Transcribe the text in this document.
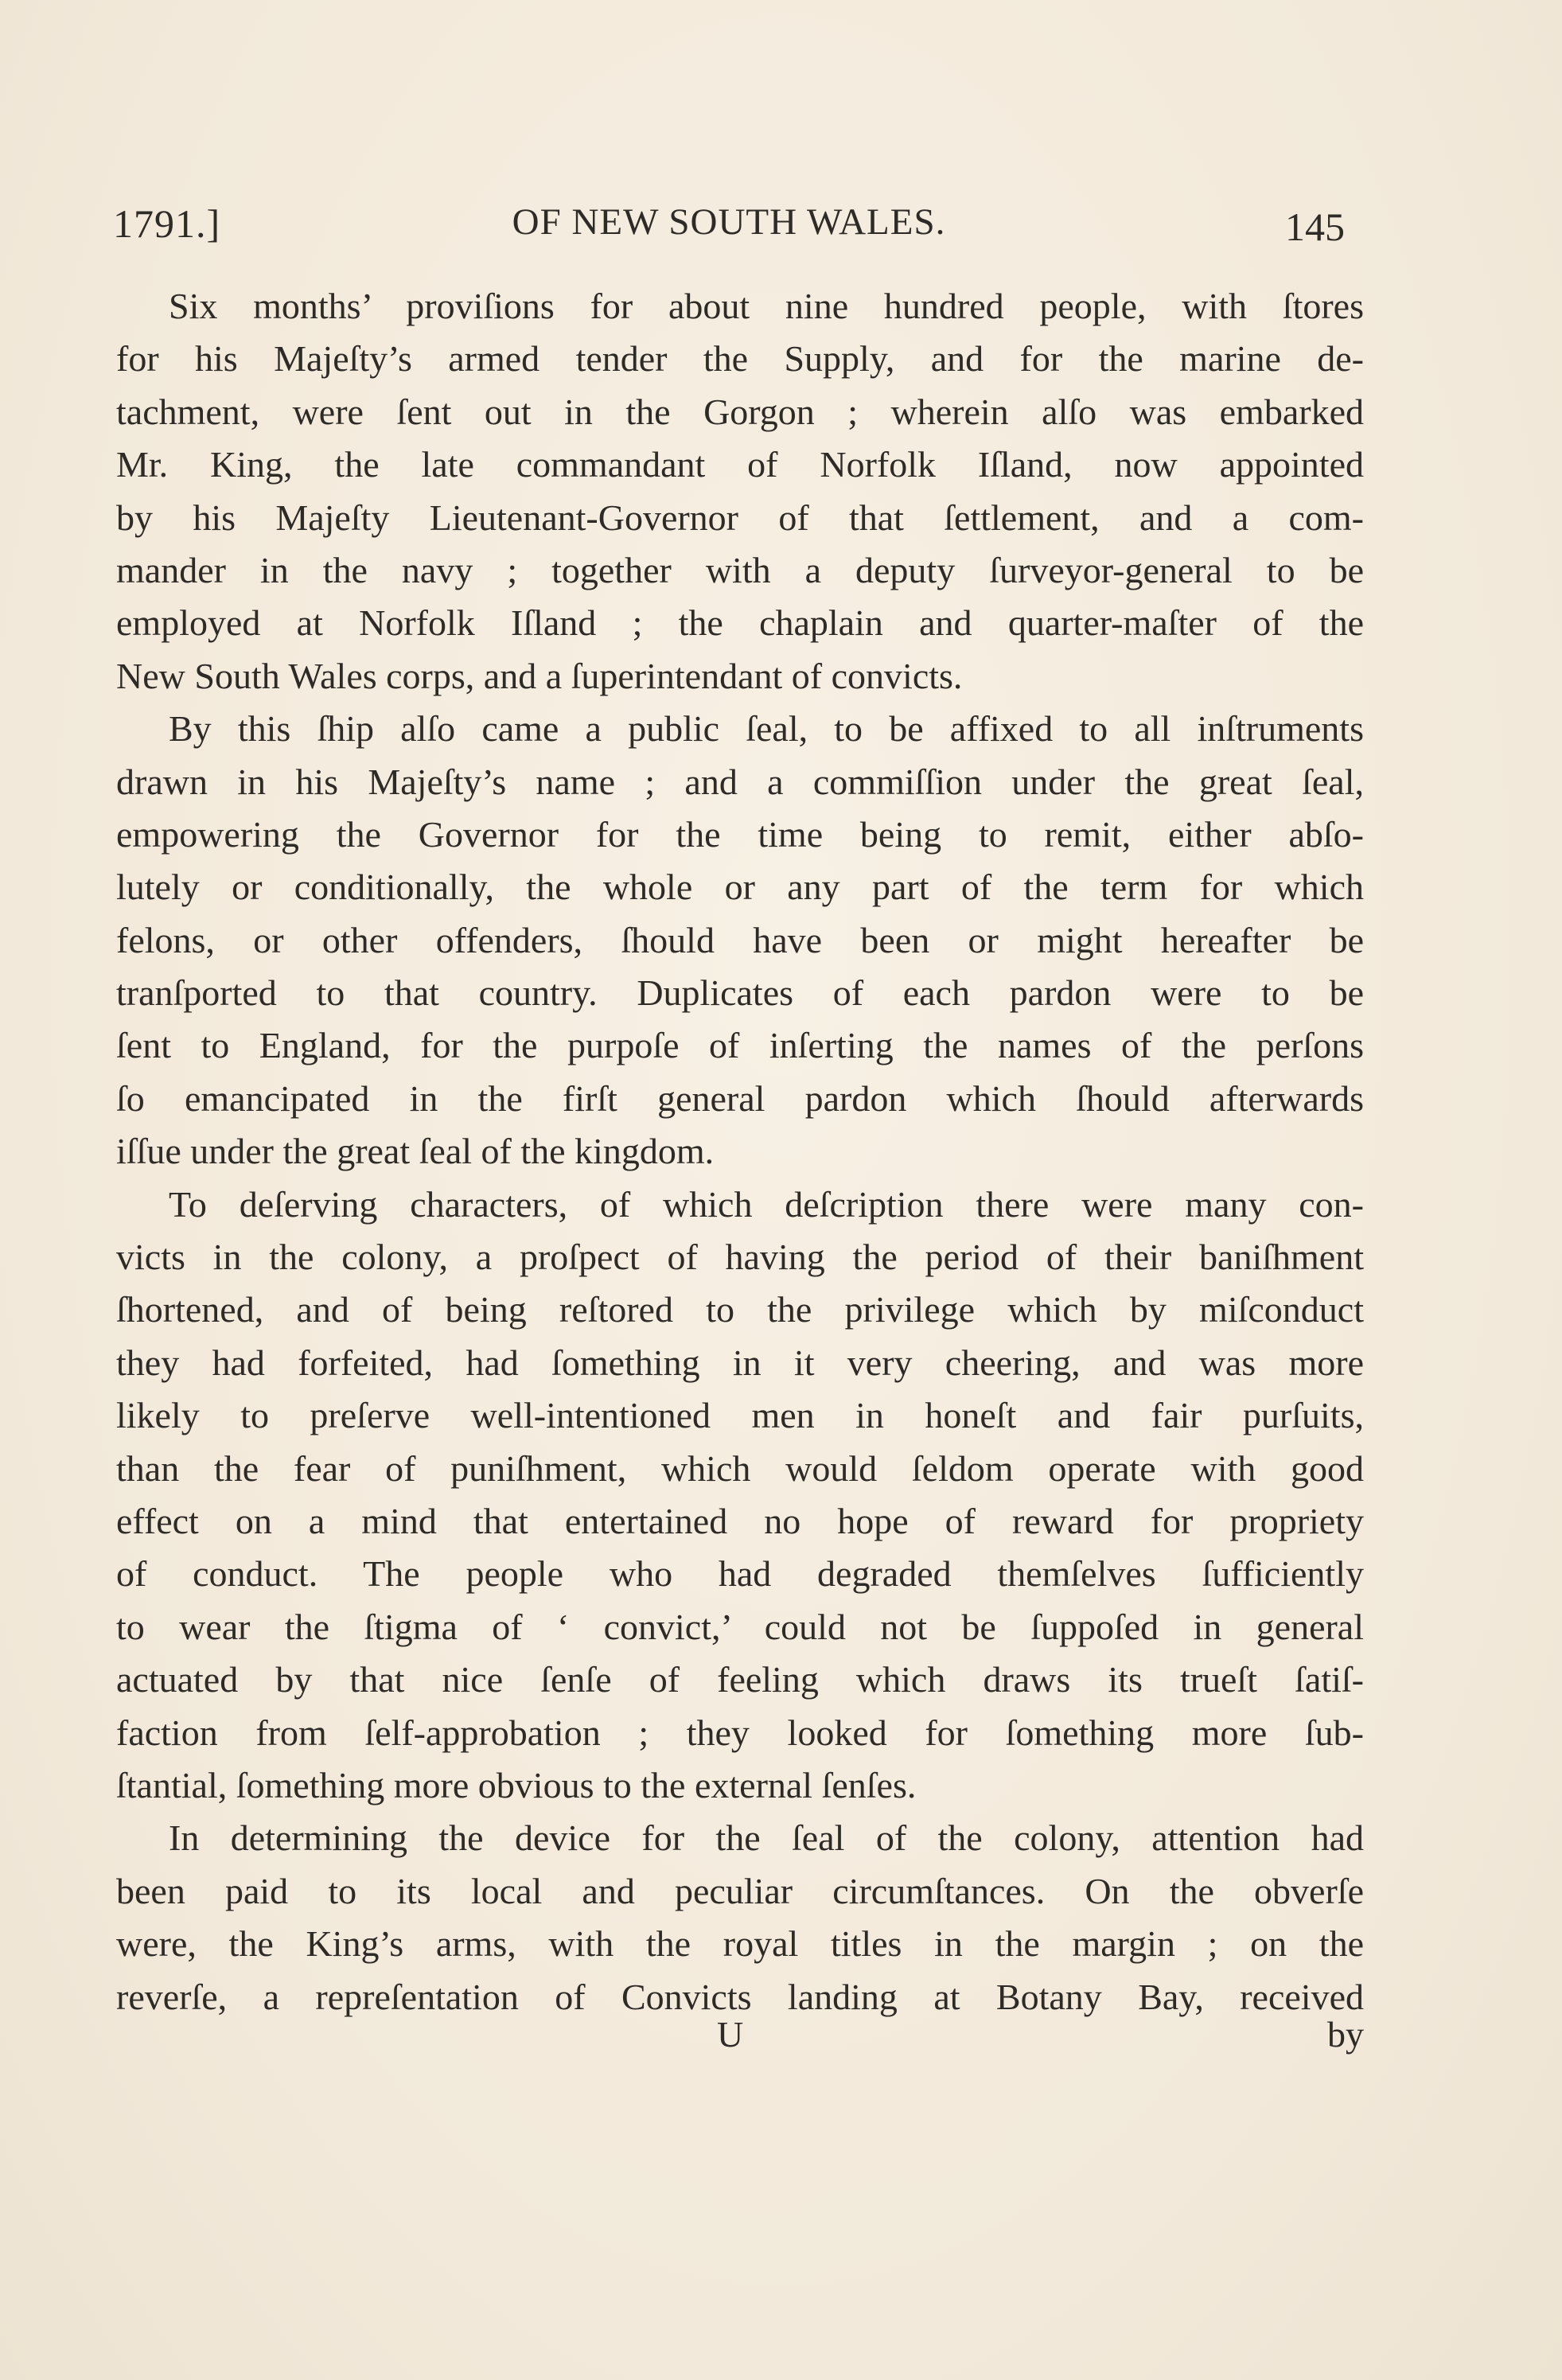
1791.]	OF NEW SOUTH WALES.	145
Six months’ proviſions for about nine hundred people, with ſtores
for his Majeſty’s armed tender the Supply, and for the marine de-
tachment, were ſent out in the Gorgon ; wherein alſo was embarked
Mr. King, the late commandant of Norfolk Iſland, now appointed
by his Majeſty Lieutenant-Governor of that ſettlement, and a com-
mander in the navy ; together with a deputy ſurveyor-general to be
employed at Norfolk Iſland ; the chaplain and quarter-maſter of the
New South Wales corps, and a ſuperintendant of convicts.
By this ſhip alſo came a public ſeal, to be affixed to all inſtruments
drawn in his Majeſty’s name ; and a commiſſion under the great ſeal,
empowering the Governor for the time being to remit, either abſo-
lutely or conditionally, the whole or any part of the term for which
felons, or other offenders, ſhould have been or might hereafter be
tranſported to that country. Duplicates of each pardon were to be
ſent to England, for the purpoſe of inſerting the names of the perſons
ſo emancipated in the firſt general pardon which ſhould afterwards
iſſue under the great ſeal of the kingdom.
To deſerving characters, of which deſcription there were many con-
victs in the colony, a proſpect of having the period of their baniſhment
ſhortened, and of being reſtored to the privilege which by miſconduct
they had forfeited, had ſomething in it very cheering, and was more
likely to preſerve well-intentioned men in honeſt and fair purſuits,
than the fear of puniſhment, which would ſeldom operate with good
effect on a mind that entertained no hope of reward for propriety
of conduct. The people who had degraded themſelves ſufficiently
to wear the ſtigma of ‘ convict,’ could not be ſuppoſed in general
actuated by that nice ſenſe of feeling which draws its trueſt ſatiſ-
faction from ſelf-approbation ; they looked for ſomething more ſub-
ſtantial, ſomething more obvious to the external ſenſes.
In determining the device for the ſeal of the colony, attention had
been paid to its local and peculiar circumſtances. On the obverſe
were, the King’s arms, with the royal titles in the margin ; on the
reverſe, a repreſentation of Convicts landing at Botany Bay, received
U	by
